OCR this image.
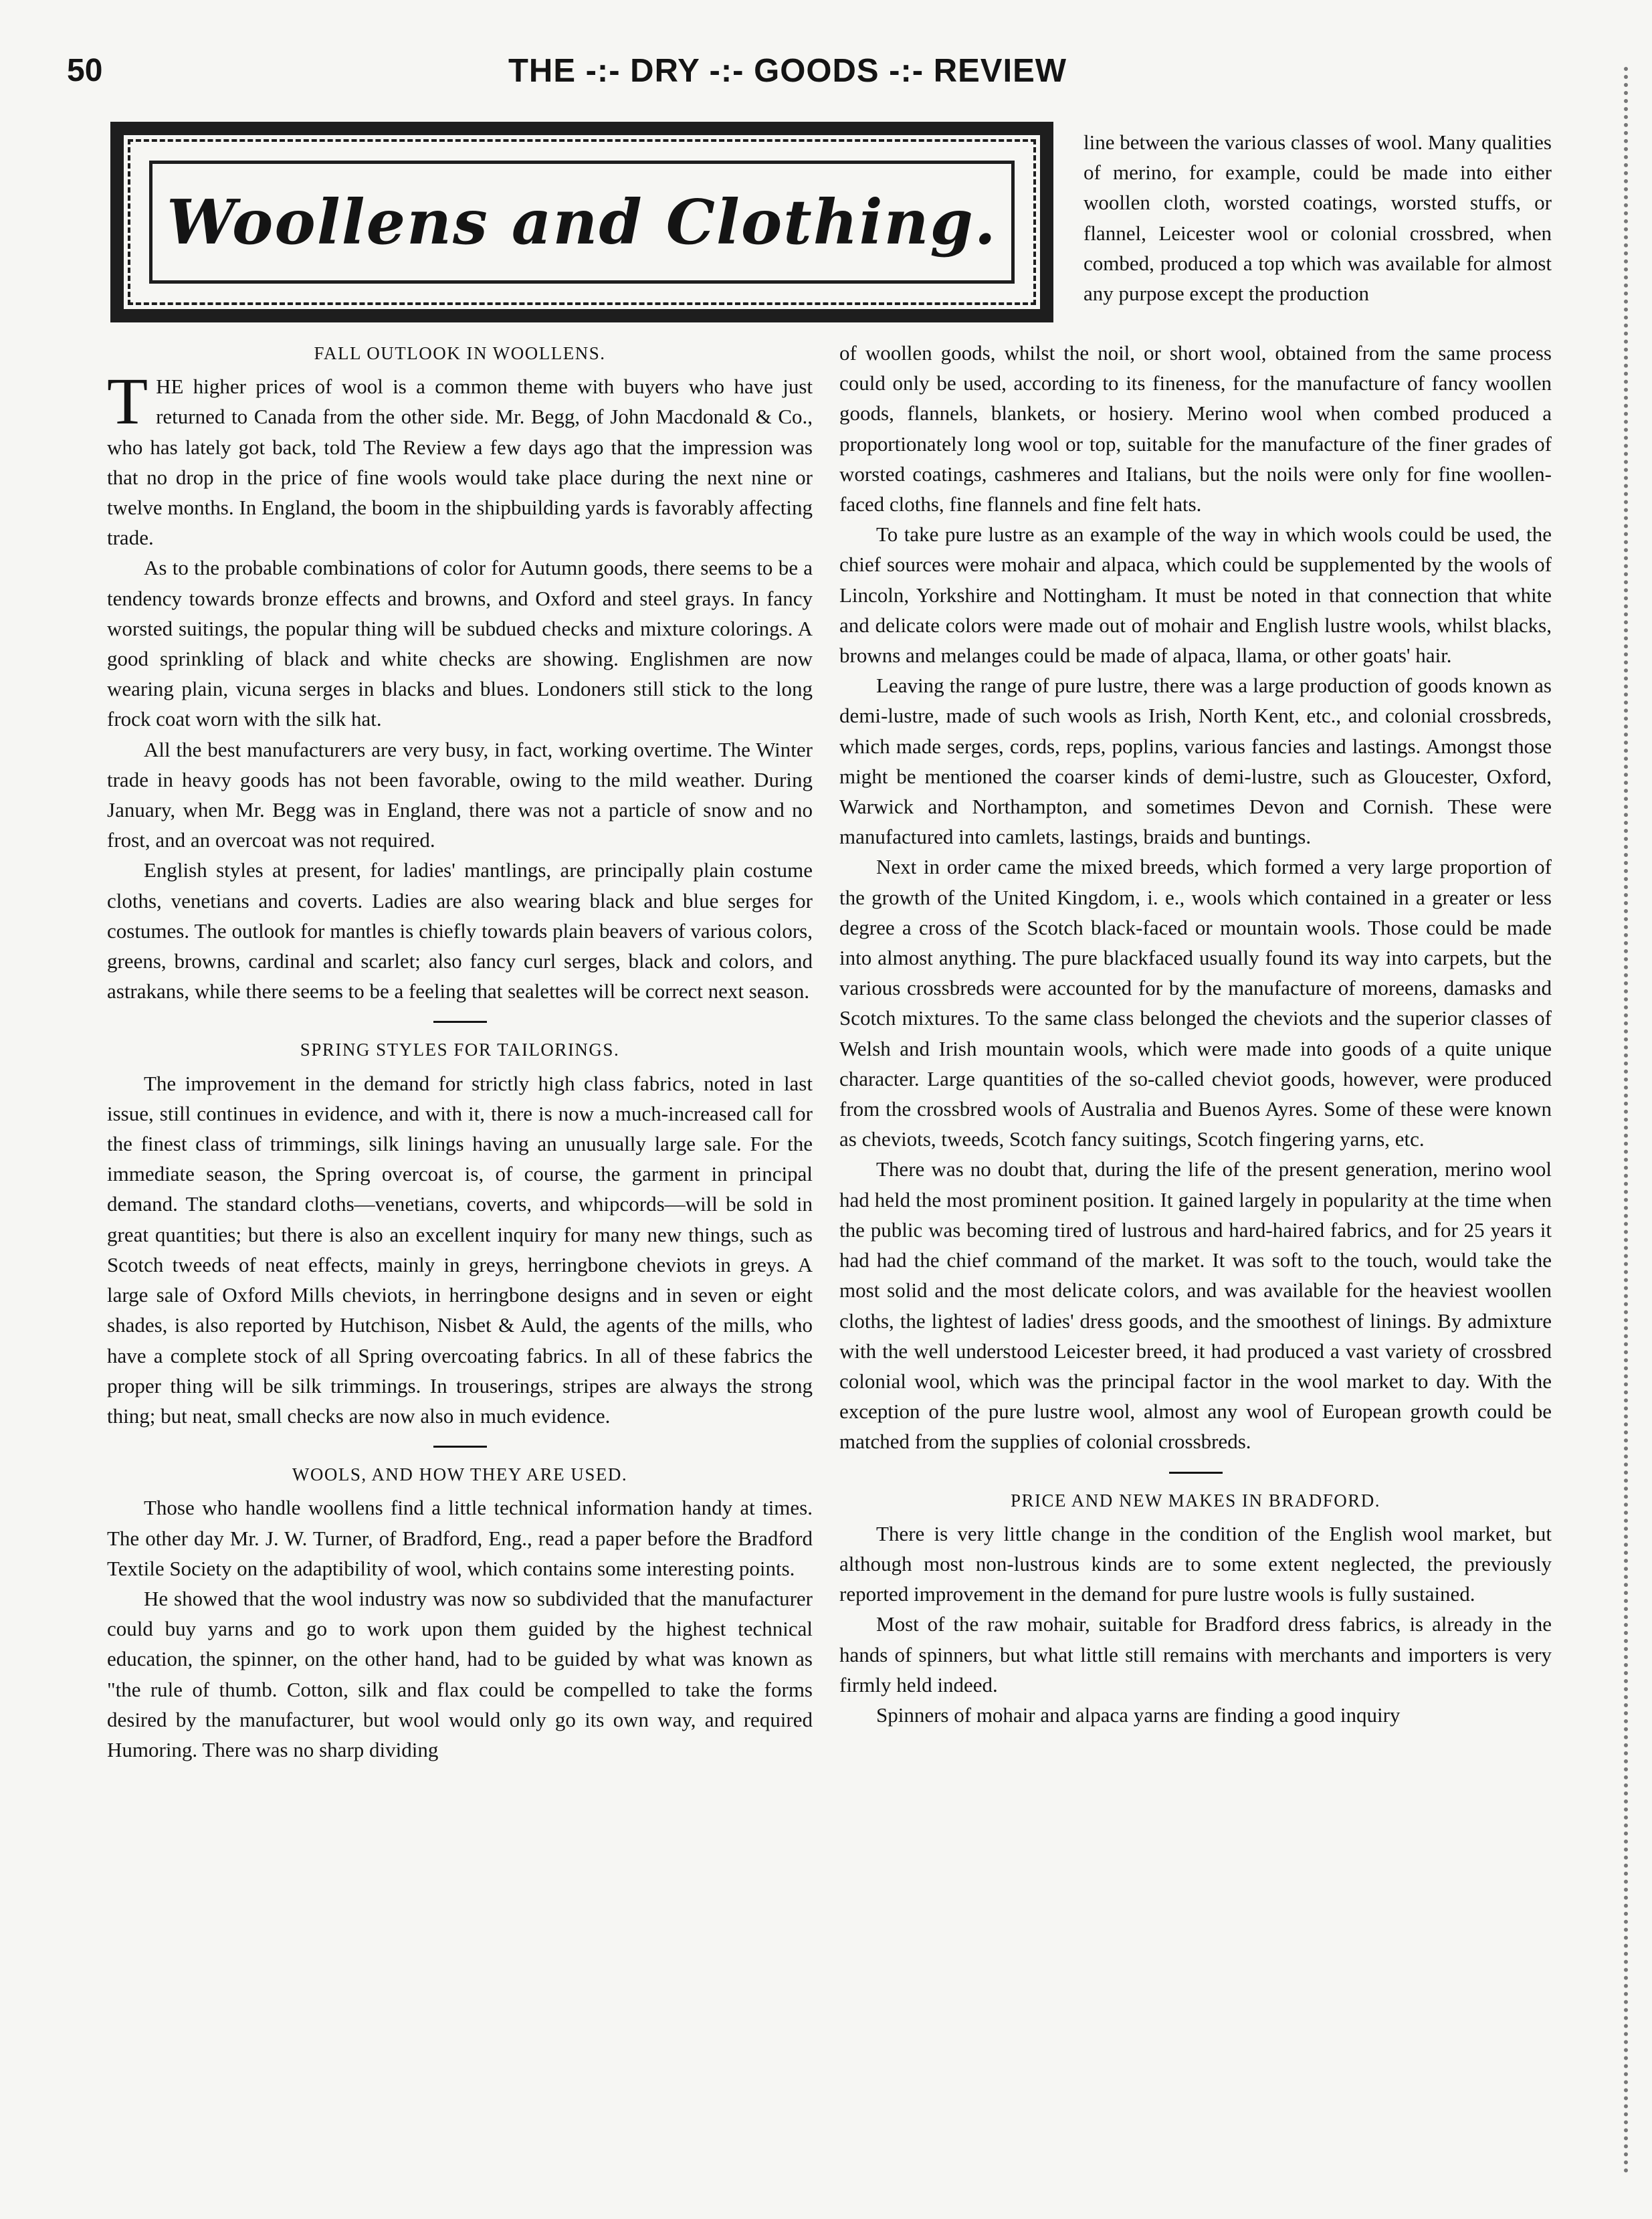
50	THE -:- DRY -:- GOODS -:- REVIEW
Woollens and Clothing.
FALL OUTLOOK IN WOOLLENS.

THE higher prices of wool is a common theme with buyers who have just returned to Canada from the other side. Mr. Begg, of John Macdonald & Co., who has lately got back, told The Review a few days ago that the impression was that no drop in the price of fine wools would take place during the next nine or twelve months. In England, the boom in the shipbuilding yards is favorably affecting trade.

As to the probable combinations of color for Autumn goods, there seems to be a tendency towards bronze effects and browns, and Oxford and steel grays. In fancy worsted suitings, the popular thing will be subdued checks and mixture colorings. A good sprinkling of black and white checks are showing. Englishmen are now wearing plain, vicuna serges in blacks and blues. Londoners still stick to the long frock coat worn with the silk hat.

All the best manufacturers are very busy, in fact, working overtime. The Winter trade in heavy goods has not been favorable, owing to the mild weather. During January, when Mr. Begg was in England, there was not a particle of snow and no frost, and an overcoat was not required.

English styles at present, for ladies' mantlings, are principally plain costume cloths, venetians and coverts. Ladies are also wearing black and blue serges for costumes. The outlook for mantles is chiefly towards plain beavers of various colors, greens, browns, cardinal and scarlet; also fancy curl serges, black and colors, and astrakans, while there seems to be a feeling that sealettes will be correct next season.

SPRING STYLES FOR TAILORINGS.

The improvement in the demand for strictly high class fabrics, noted in last issue, still continues in evidence, and with it, there is now a much-increased call for the finest class of trimmings, silk linings having an unusually large sale. For the immediate season, the Spring overcoat is, of course, the garment in principal demand. The standard cloths—venetians, coverts, and whipcords—will be sold in great quantities; but there is also an excellent inquiry for many new things, such as Scotch tweeds of neat effects, mainly in greys, herringbone cheviots in greys. A large sale of Oxford Mills cheviots, in herringbone designs and in seven or eight shades, is also reported by Hutchison, Nisbet & Auld, the agents of the mills, who have a complete stock of all Spring overcoating fabrics. In all of these fabrics the proper thing will be silk trimmings. In trouserings, stripes are always the strong thing; but neat, small checks are now also in much evidence.

WOOLS, AND HOW THEY ARE USED.

Those who handle woollens find a little technical information handy at times. The other day Mr. J. W. Turner, of Bradford, Eng., read a paper before the Bradford Textile Society on the adaptibility of wool, which contains some interesting points.

He showed that the wool industry was now so subdivided that the manufacturer could buy yarns and go to work upon them guided by the highest technical education, the spinner, on the other hand, had to be guided by what was known as "the rule of thumb. Cotton, silk and flax could be compelled to take the forms desired by the manufacturer, but wool would only go its own way, and required Humoring. There was no sharp dividing

line between the various classes of wool. Many qualities of merino, for example, could be made into either woollen cloth, worsted coatings, worsted stuffs, or flannel, Leicester wool or colonial crossbred, when combed, produced a top which was available for almost any purpose except the production

of woollen goods, whilst the noil, or short wool, obtained from the same process could only be used, according to its fineness, for the manufacture of fancy woollen goods, flannels, blankets, or hosiery. Merino wool when combed produced a proportionately long wool or top, suitable for the manufacture of the finer grades of worsted coatings, cashmeres and Italians, but the noils were only for fine woollen-faced cloths, fine flannels and fine felt hats.

To take pure lustre as an example of the way in which wools could be used, the chief sources were mohair and alpaca, which could be supplemented by the wools of Lincoln, Yorkshire and Nottingham. It must be noted in that connection that white and delicate colors were made out of mohair and English lustre wools, whilst blacks, browns and melanges could be made of alpaca, llama, or other goats' hair.

Leaving the range of pure lustre, there was a large production of goods known as demi-lustre, made of such wools as Irish, North Kent, etc., and colonial crossbreds, which made serges, cords, reps, poplins, various fancies and lastings. Amongst those might be mentioned the coarser kinds of demi-lustre, such as Gloucester, Oxford, Warwick and Northampton, and sometimes Devon and Cornish. These were manufactured into camlets, lastings, braids and buntings.

Next in order came the mixed breeds, which formed a very large proportion of the growth of the United Kingdom, i. e., wools which contained in a greater or less degree a cross of the Scotch black-faced or mountain wools. Those could be made into almost anything. The pure blackfaced usually found its way into carpets, but the various crossbreds were accounted for by the manufacture of moreens, damasks and Scotch mixtures. To the same class belonged the cheviots and the superior classes of Welsh and Irish mountain wools, which were made into goods of a quite unique character. Large quantities of the so-called cheviot goods, however, were produced from the crossbred wools of Australia and Buenos Ayres. Some of these were known as cheviots, tweeds, Scotch fancy suitings, Scotch fingering yarns, etc.

There was no doubt that, during the life of the present generation, merino wool had held the most prominent position. It gained largely in popularity at the time when the public was becoming tired of lustrous and hard-haired fabrics, and for 25 years it had had the chief command of the market. It was soft to the touch, would take the most solid and the most delicate colors, and was available for the heaviest woollen cloths, the lightest of ladies' dress goods, and the smoothest of linings. By admixture with the well understood Leicester breed, it had produced a vast variety of crossbred colonial wool, which was the principal factor in the wool market to day. With the exception of the pure lustre wool, almost any wool of European growth could be matched from the supplies of colonial crossbreds.

PRICE AND NEW MAKES IN BRADFORD.

There is very little change in the condition of the English wool market, but although most non-lustrous kinds are to some extent neglected, the previously reported improvement in the demand for pure lustre wools is fully sustained.

Most of the raw mohair, suitable for Bradford dress fabrics, is already in the hands of spinners, but what little still remains with merchants and importers is very firmly held indeed.

Spinners of mohair and alpaca yarns are finding a good inquiry
